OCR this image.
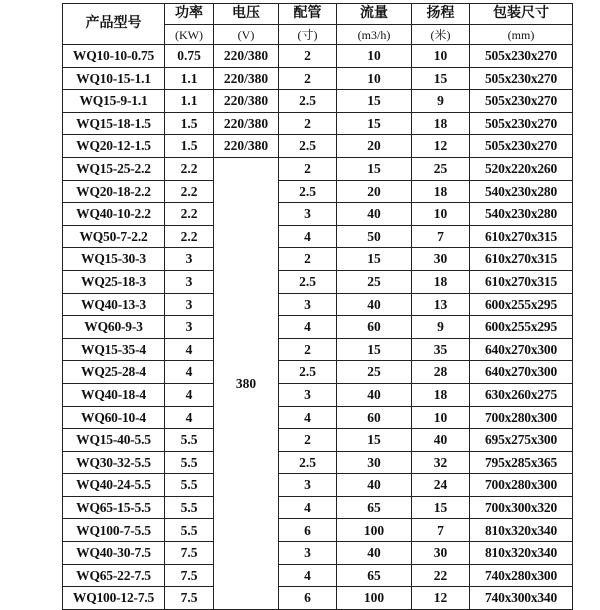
产品型号	功率	电压	配管	流量	扬程	包装尺寸
	(KW)	(V)	(寸)	(m3/h)	(米)	(mm)
WQ10-10-0.75	0.75	220/380	2	10	10	505x230x270
WQ10-15-1.1	1.1	220/380	2	10	15	505x230x270
WQ15-9-1.1	1.1	220/380	2.5	15	9	505x230x270
WQ15-18-1.5	1.5	220/380	2	15	18	505x230x270
WQ20-12-1.5	1.5	220/380	2.5	20	12	505x230x270
WQ15-25-2.2	2.2	380	2	15	25	520x220x260
WQ20-18-2.2	2.2		2.5	20	18	540x230x280
WQ40-10-2.2	2.2		3	40	10	540x230x280
WQ50-7-2.2	2.2		4	50	7	610x270x315
WQ15-30-3	3		2	15	30	610x270x315
WQ25-18-3	3		2.5	25	18	610x270x315
WQ40-13-3	3		3	40	13	600x255x295
WQ60-9-3	3		4	60	9	600x255x295
WQ15-35-4	4		2	15	35	640x270x300
WQ25-28-4	4		2.5	25	28	640x270x300
WQ40-18-4	4		3	40	18	630x260x275
WQ60-10-4	4		4	60	10	700x280x300
WQ15-40-5.5	5.5		2	15	40	695x275x300
WQ30-32-5.5	5.5		2.5	30	32	795x285x365
WQ40-24-5.5	5.5		3	40	24	700x280x300
WQ65-15-5.5	5.5		4	65	15	700x300x320
WQ100-7-5.5	5.5		6	100	7	810x320x340
WQ40-30-7.5	7.5		3	40	30	810x320x340
WQ65-22-7.5	7.5		4	65	22	740x280x300
WQ100-12-7.5	7.5		6	100	12	740x300x340
